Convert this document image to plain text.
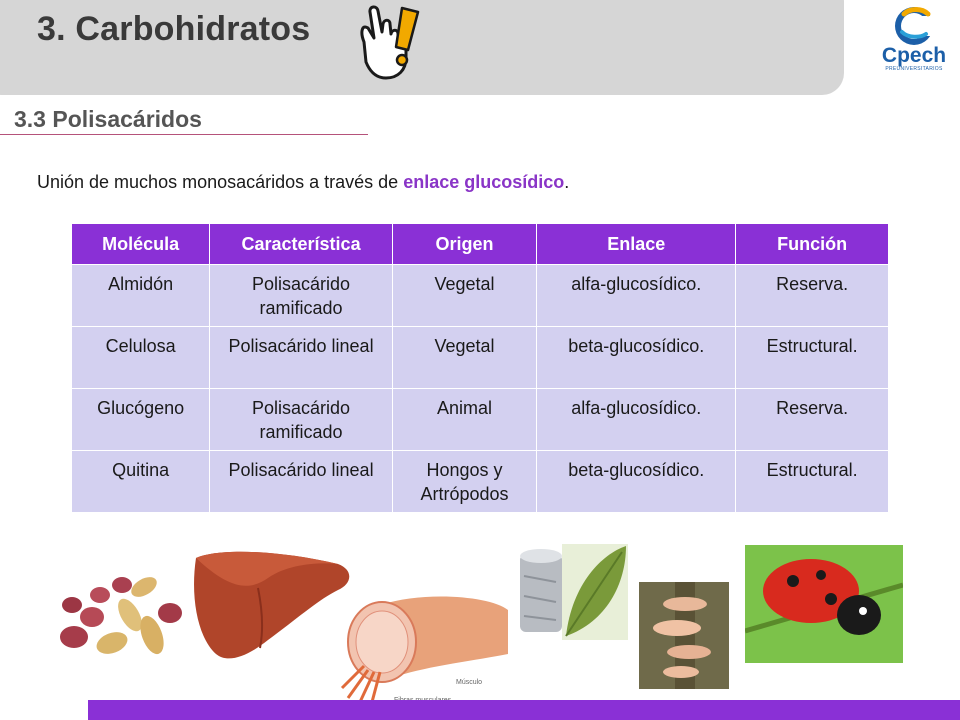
3. Carbohidratos
Cpech
PREUNIVERSITARIOS
3.3 Polisacáridos
Unión de muchos monosacáridos a través de enlace glucosídico.
Molécula	Característica	Origen	Enlace	Función
Almidón	Polisacárido ramificado	Vegetal	alfa-glucosídico.	Reserva.
Celulosa	Polisacárido lineal	Vegetal	beta-glucosídico.	Estructural.
Glucógeno	Polisacárido ramificado	Animal	alfa-glucosídico.	Reserva.
Quitina	Polisacárido lineal	Hongos y Artrópodos	beta-glucosídico.	Estructural.
Músculo
